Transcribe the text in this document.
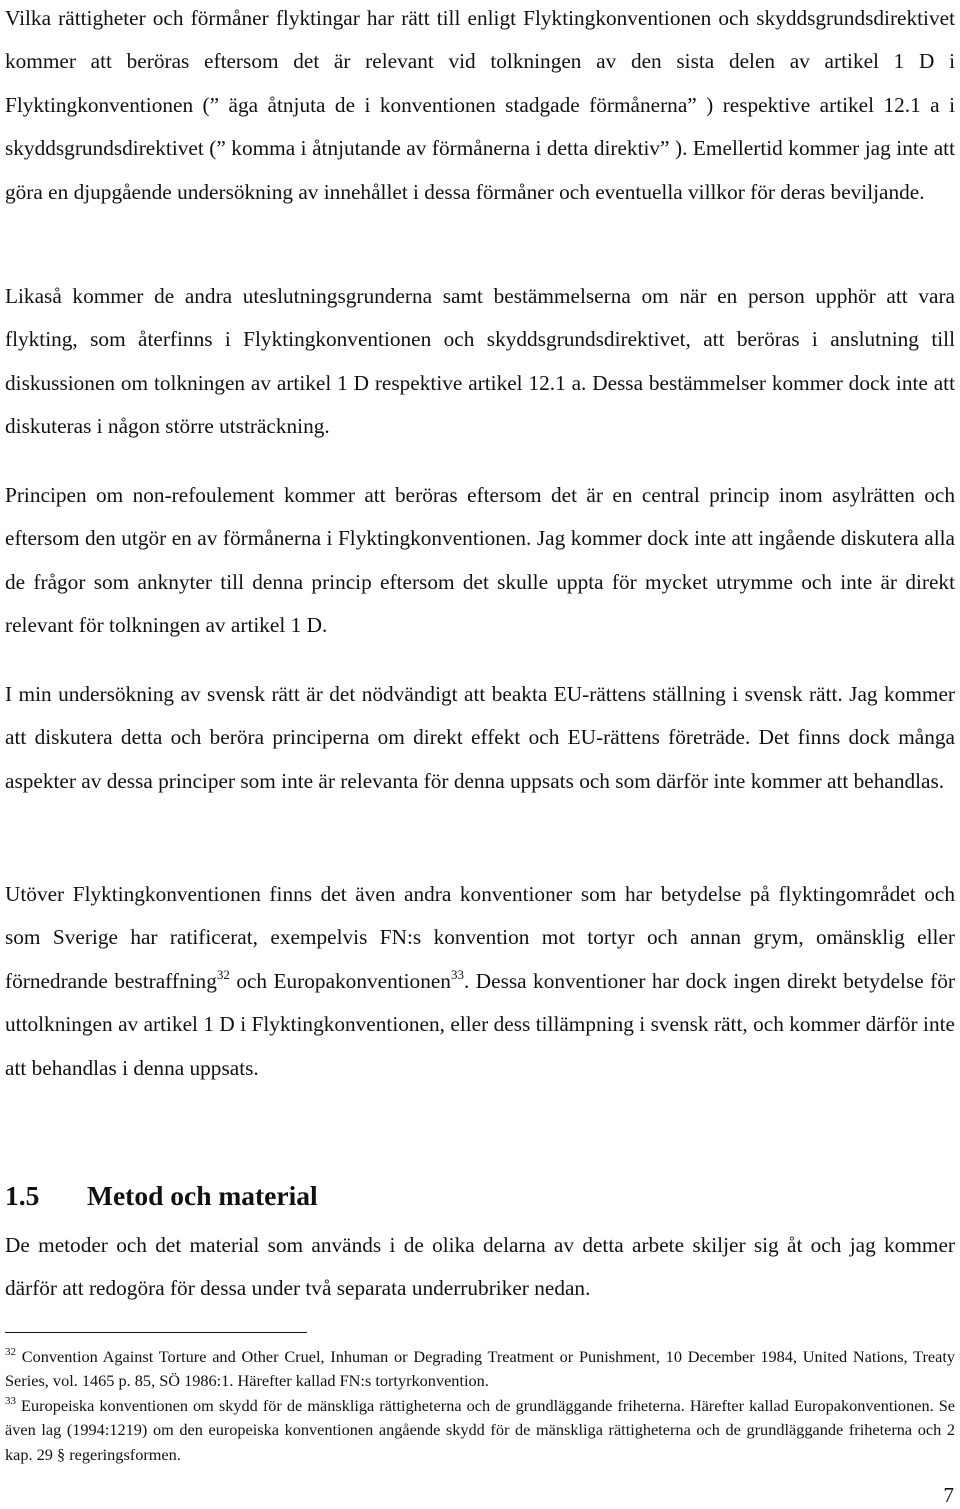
Vilka rättigheter och förmåner flyktingar har rätt till enligt Flyktingkonventionen och skyddsgrundsdirektivet kommer att beröras eftersom det är relevant vid tolkningen av den sista delen av artikel 1 D i Flyktingkonventionen (” äga åtnjuta de i konventionen stadgade förmånerna” ) respektive artikel 12.1 a i skyddsgrundsdirektivet (” komma i åtnjutande av förmånerna i detta direktiv” ). Emellertid kommer jag inte att göra en djupgående undersökning av innehållet i dessa förmåner och eventuella villkor för deras beviljande.

Likaså kommer de andra uteslutningsgrunderna samt bestämmelserna om när en person upphör att vara flykting, som återfinns i Flyktingkonventionen och skyddsgrundsdirektivet, att beröras i anslutning till diskussionen om tolkningen av artikel 1 D respektive artikel 12.1 a. Dessa bestämmelser kommer dock inte att diskuteras i någon större utsträckning.

Principen om non-refoulement kommer att beröras eftersom det är en central princip inom asylrätten och eftersom den utgör en av förmånerna i Flyktingkonventionen. Jag kommer dock inte att ingående diskutera alla de frågor som anknyter till denna princip eftersom det skulle uppta för mycket utrymme och inte är direkt relevant för tolkningen av artikel 1 D.

I min undersökning av svensk rätt är det nödvändigt att beakta EU-rättens ställning i svensk rätt. Jag kommer att diskutera detta och beröra principerna om direkt effekt och EU-rättens företräde. Det finns dock många aspekter av dessa principer som inte är relevanta för denna uppsats och som därför inte kommer att behandlas.

Utöver Flyktingkonventionen finns det även andra konventioner som har betydelse på flyktingområdet och som Sverige har ratificerat, exempelvis FN:s konvention mot tortyr och annan grym, omänsklig eller förnedrande bestraffning$^{32}$ och Europakonventionen$^{33}$. Dessa konventioner har dock ingen direkt betydelse för uttolkningen av artikel 1 D i Flyktingkonventionen, eller dess tillämpning i svensk rätt, och kommer därför inte att behandlas i denna uppsats.

1.5 Metod och material

De metoder och det material som används i de olika delarna av detta arbete skiljer sig åt och jag kommer därför att redogöra för dessa under två separata underrubriker nedan.

$^{32}$ Convention Against Torture and Other Cruel, Inhuman or Degrading Treatment or Punishment, 10 December 1984, United Nations, Treaty Series, vol. 1465 p. 85, SÖ 1986:1. Härefter kallad FN:s tortyrkonvention.

$^{33}$ Europeiska konventionen om skydd för de mänskliga rättigheterna och de grundläggande friheterna. Härefter kallad Europakonventionen. Se även lag (1994:1219) om den europeiska konventionen angående skydd för de mänskliga rättigheterna och de grundläggande friheterna och 2 kap. 29 § regeringsformen.

7
